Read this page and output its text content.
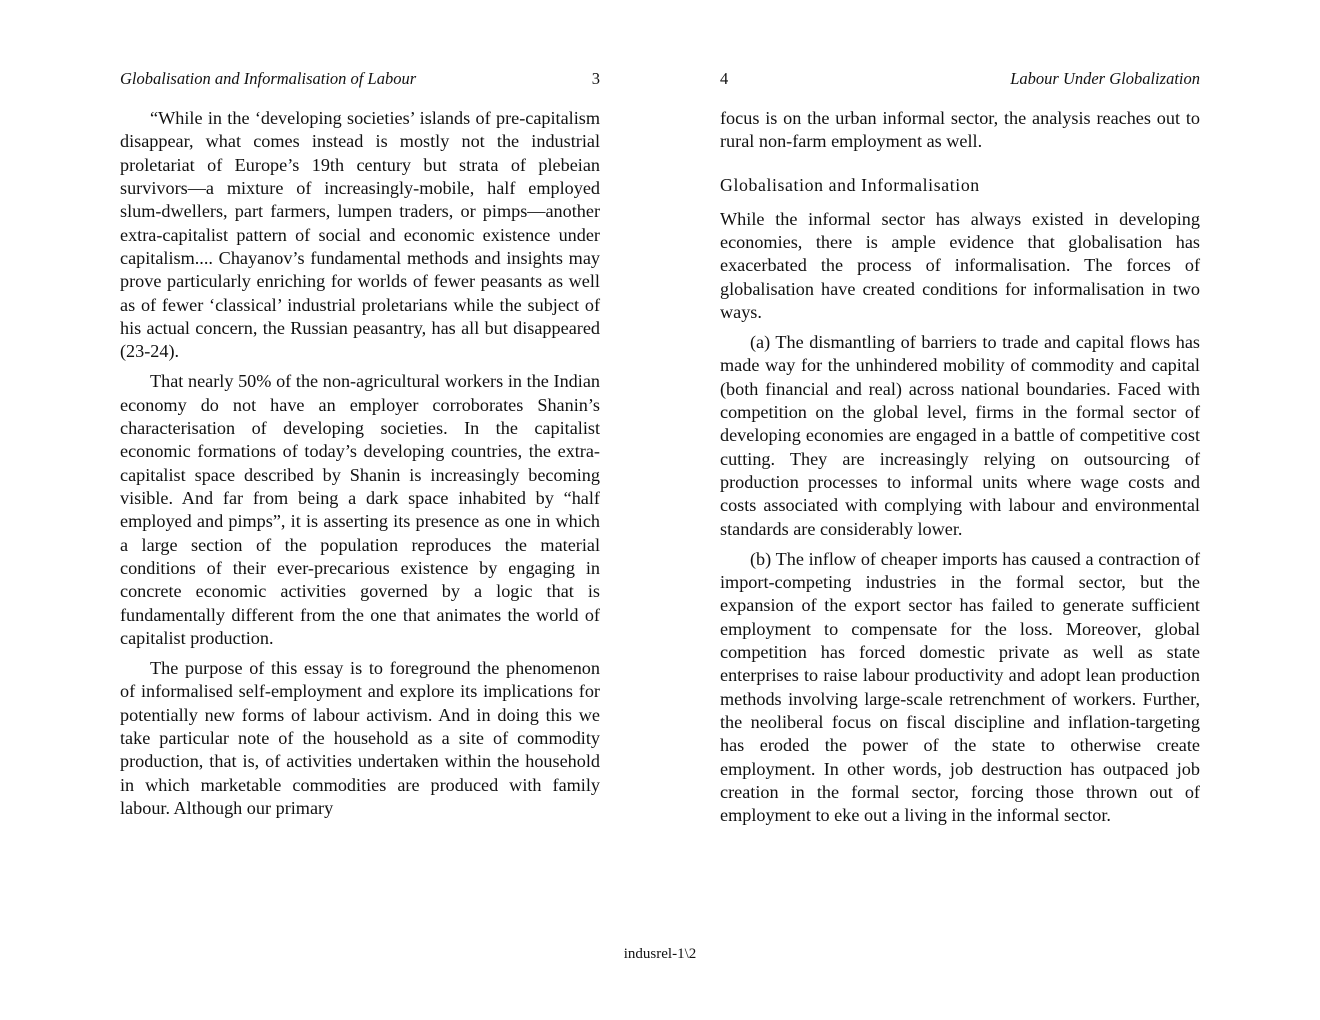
Globalisation and Informalisation of Labour	3

“While in the ‘developing societies’ islands of pre-capitalism disappear, what comes instead is mostly not the industrial proletariat of Europe’s 19th century but strata of plebeian survivors—a mixture of increasingly-mobile, half employed slum-dwellers, part farmers, lumpen traders, or pimps—another extra-capitalist pattern of social and economic existence under capitalism.... Chayanov’s fundamental methods and insights may prove particularly enriching for worlds of fewer peasants as well as of fewer ‘classical’ industrial proletarians while the subject of his actual concern, the Russian peasantry, has all but disappeared (23-24).

That nearly 50% of the non-agricultural workers in the Indian economy do not have an employer corroborates Shanin’s characterisation of developing societies. In the capitalist economic formations of today’s developing countries, the extra-capitalist space described by Shanin is increasingly becoming visible. And far from being a dark space inhabited by “half employed and pimps”, it is asserting its presence as one in which a large section of the population reproduces the material conditions of their ever-precarious existence by engaging in concrete economic activities governed by a logic that is fundamentally different from the one that animates the world of capitalist production.

The purpose of this essay is to foreground the phenomenon of informalised self-employment and explore its implications for potentially new forms of labour activism. And in doing this we take particular note of the household as a site of commodity production, that is, of activities undertaken within the household in which marketable commodities are produced with family labour. Although our primary

4	Labour Under Globalization

focus is on the urban informal sector, the analysis reaches out to rural non-farm employment as well.

Globalisation and Informalisation

While the informal sector has always existed in developing economies, there is ample evidence that globalisation has exacerbated the process of informalisation. The forces of globalisation have created conditions for informalisation in two ways.

(a) The dismantling of barriers to trade and capital flows has made way for the unhindered mobility of commodity and capital (both financial and real) across national boundaries. Faced with competition on the global level, firms in the formal sector of developing economies are engaged in a battle of competitive cost cutting. They are increasingly relying on outsourcing of production processes to informal units where wage costs and costs associated with complying with labour and environmental standards are considerably lower.

(b) The inflow of cheaper imports has caused a contraction of import-competing industries in the formal sector, but the expansion of the export sector has failed to generate sufficient employment to compensate for the loss. Moreover, global competition has forced domestic private as well as state enterprises to raise labour productivity and adopt lean production methods involving large-scale retrenchment of workers. Further, the neoliberal focus on fiscal discipline and inflation-targeting has eroded the power of the state to otherwise create employment. In other words, job destruction has outpaced job creation in the formal sector, forcing those thrown out of employment to eke out a living in the informal sector.

indusrel-1\2
